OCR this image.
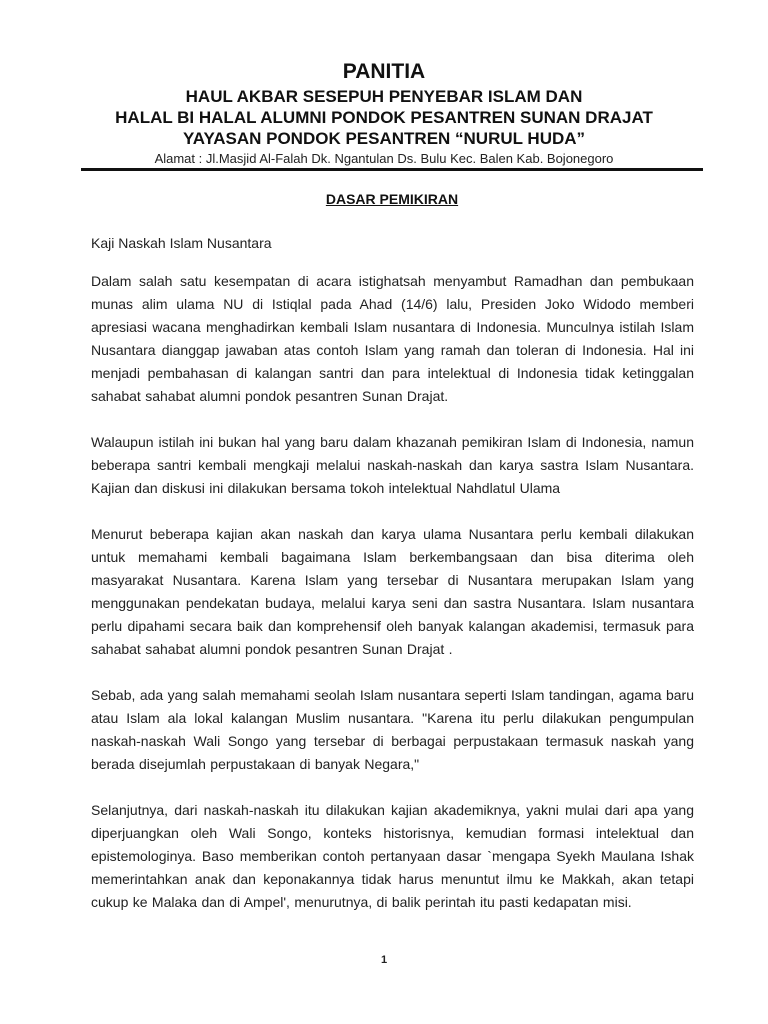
PANITIA

HAUL AKBAR SESEPUH PENYEBAR ISLAM DAN

HALAL BI HALAL ALUMNI PONDOK PESANTREN SUNAN DRAJAT

YAYASAN PONDOK PESANTREN “NURUL HUDA”

Alamat : Jl.Masjid Al-Falah Dk. Ngantulan Ds. Bulu Kec. Balen Kab. Bojonegoro

DASAR PEMIKIRAN

Kaji Naskah Islam Nusantara

Dalam salah satu kesempatan di acara istighatsah menyambut Ramadhan dan pembukaan munas alim ulama NU di Istiqlal pada Ahad (14/6) lalu, Presiden Joko Widodo memberi apresiasi wacana menghadirkan kembali Islam nusantara di Indonesia. Munculnya istilah Islam Nusantara dianggap jawaban atas contoh Islam yang ramah dan toleran di Indonesia. Hal ini menjadi pembahasan di kalangan santri dan para intelektual di Indonesia tidak ketinggalan sahabat sahabat alumni pondok pesantren Sunan Drajat.

Walaupun istilah ini bukan hal yang baru dalam khazanah pemikiran Islam di Indonesia, namun beberapa santri kembali mengkaji melalui naskah-naskah dan karya sastra Islam Nusantara. Kajian dan diskusi ini dilakukan bersama tokoh intelektual Nahdlatul Ulama

Menurut beberapa kajian akan naskah dan karya ulama Nusantara perlu kembali dilakukan untuk memahami kembali bagaimana Islam berkembangsaan dan bisa diterima oleh masyarakat Nusantara. Karena Islam yang tersebar di Nusantara merupakan Islam yang menggunakan pendekatan budaya, melalui karya seni dan sastra Nusantara. Islam nusantara perlu dipahami secara baik dan komprehensif oleh banyak kalangan akademisi, termasuk para sahabat sahabat alumni pondok pesantren Sunan Drajat .

Sebab, ada yang salah memahami seolah Islam nusantara seperti Islam tandingan, agama baru atau Islam ala lokal kalangan Muslim nusantara. "Karena itu perlu dilakukan pengumpulan naskah-naskah Wali Songo yang tersebar di berbagai perpustakaan termasuk naskah yang berada disejumlah perpustakaan di banyak Negara,"

Selanjutnya, dari naskah-naskah itu dilakukan kajian akademiknya, yakni mulai dari apa yang diperjuangkan oleh Wali Songo, konteks historisnya, kemudian formasi intelektual dan epistemologinya. Baso memberikan contoh pertanyaan dasar `mengapa Syekh Maulana Ishak memerintahkan anak dan keponakannya tidak harus menuntut ilmu ke Makkah, akan tetapi cukup ke Malaka dan di Ampel', menurutnya, di balik perintah itu pasti kedapatan misi.

1
